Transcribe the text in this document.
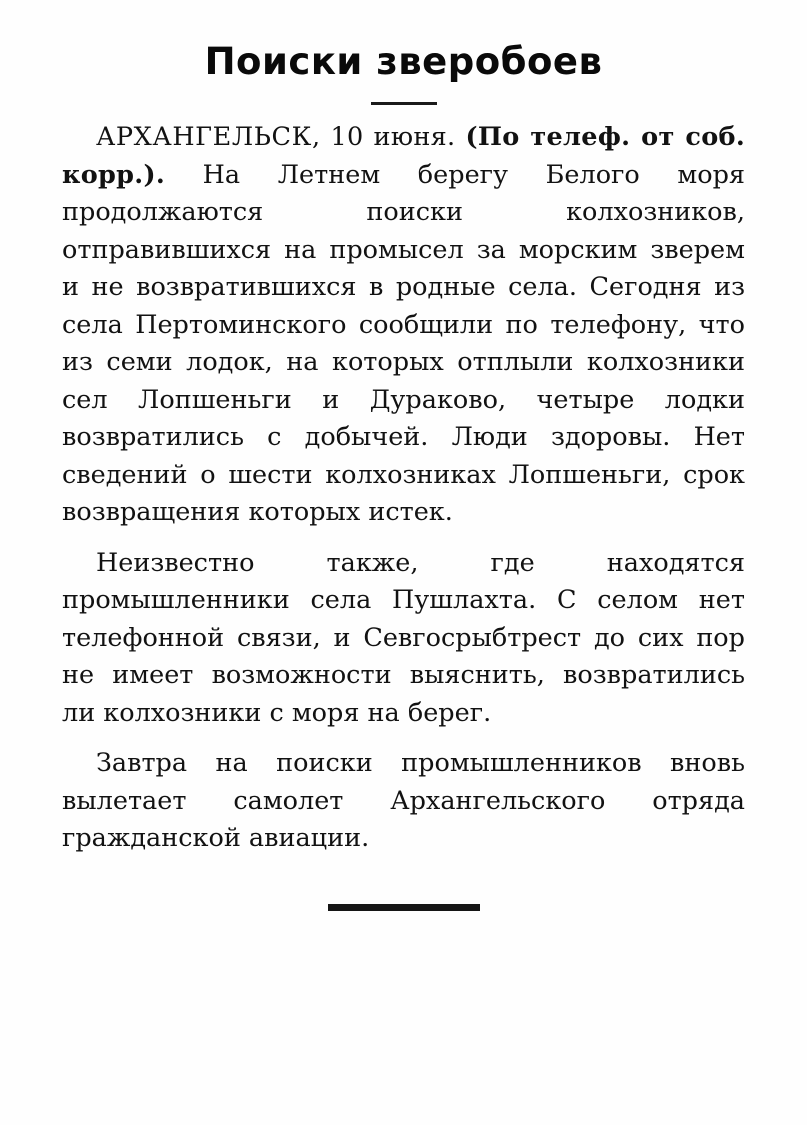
Поиски зверобоев

АРХАНГЕЛЬСК, 10 июня. (По телеф. от соб. корр.). На Летнем берегу Белого моря продолжаются поиски колхозников, отправившихся на промысел за морским зверем и не возвратившихся в родные села. Сегодня из села Пертоминского сообщили по телефону, что из семи лодок, на которых отплыли колхозники сел Лопшеньги и Дураково, четыре лодки возвратились с добычей. Люди здоровы. Нет сведений о шести колхозниках Лопшеньги, срок возвращения которых истек.

Неизвестно также, где находятся промышленники села Пушлахта. С селом нет телефонной связи, и Севгосрыбтрест до сих пор не имеет возможности выяснить, возвратились ли колхозники с моря на берег.

Завтра на поиски промышленников вновь вылетает самолет Архангельского отряда гражданской авиации.
